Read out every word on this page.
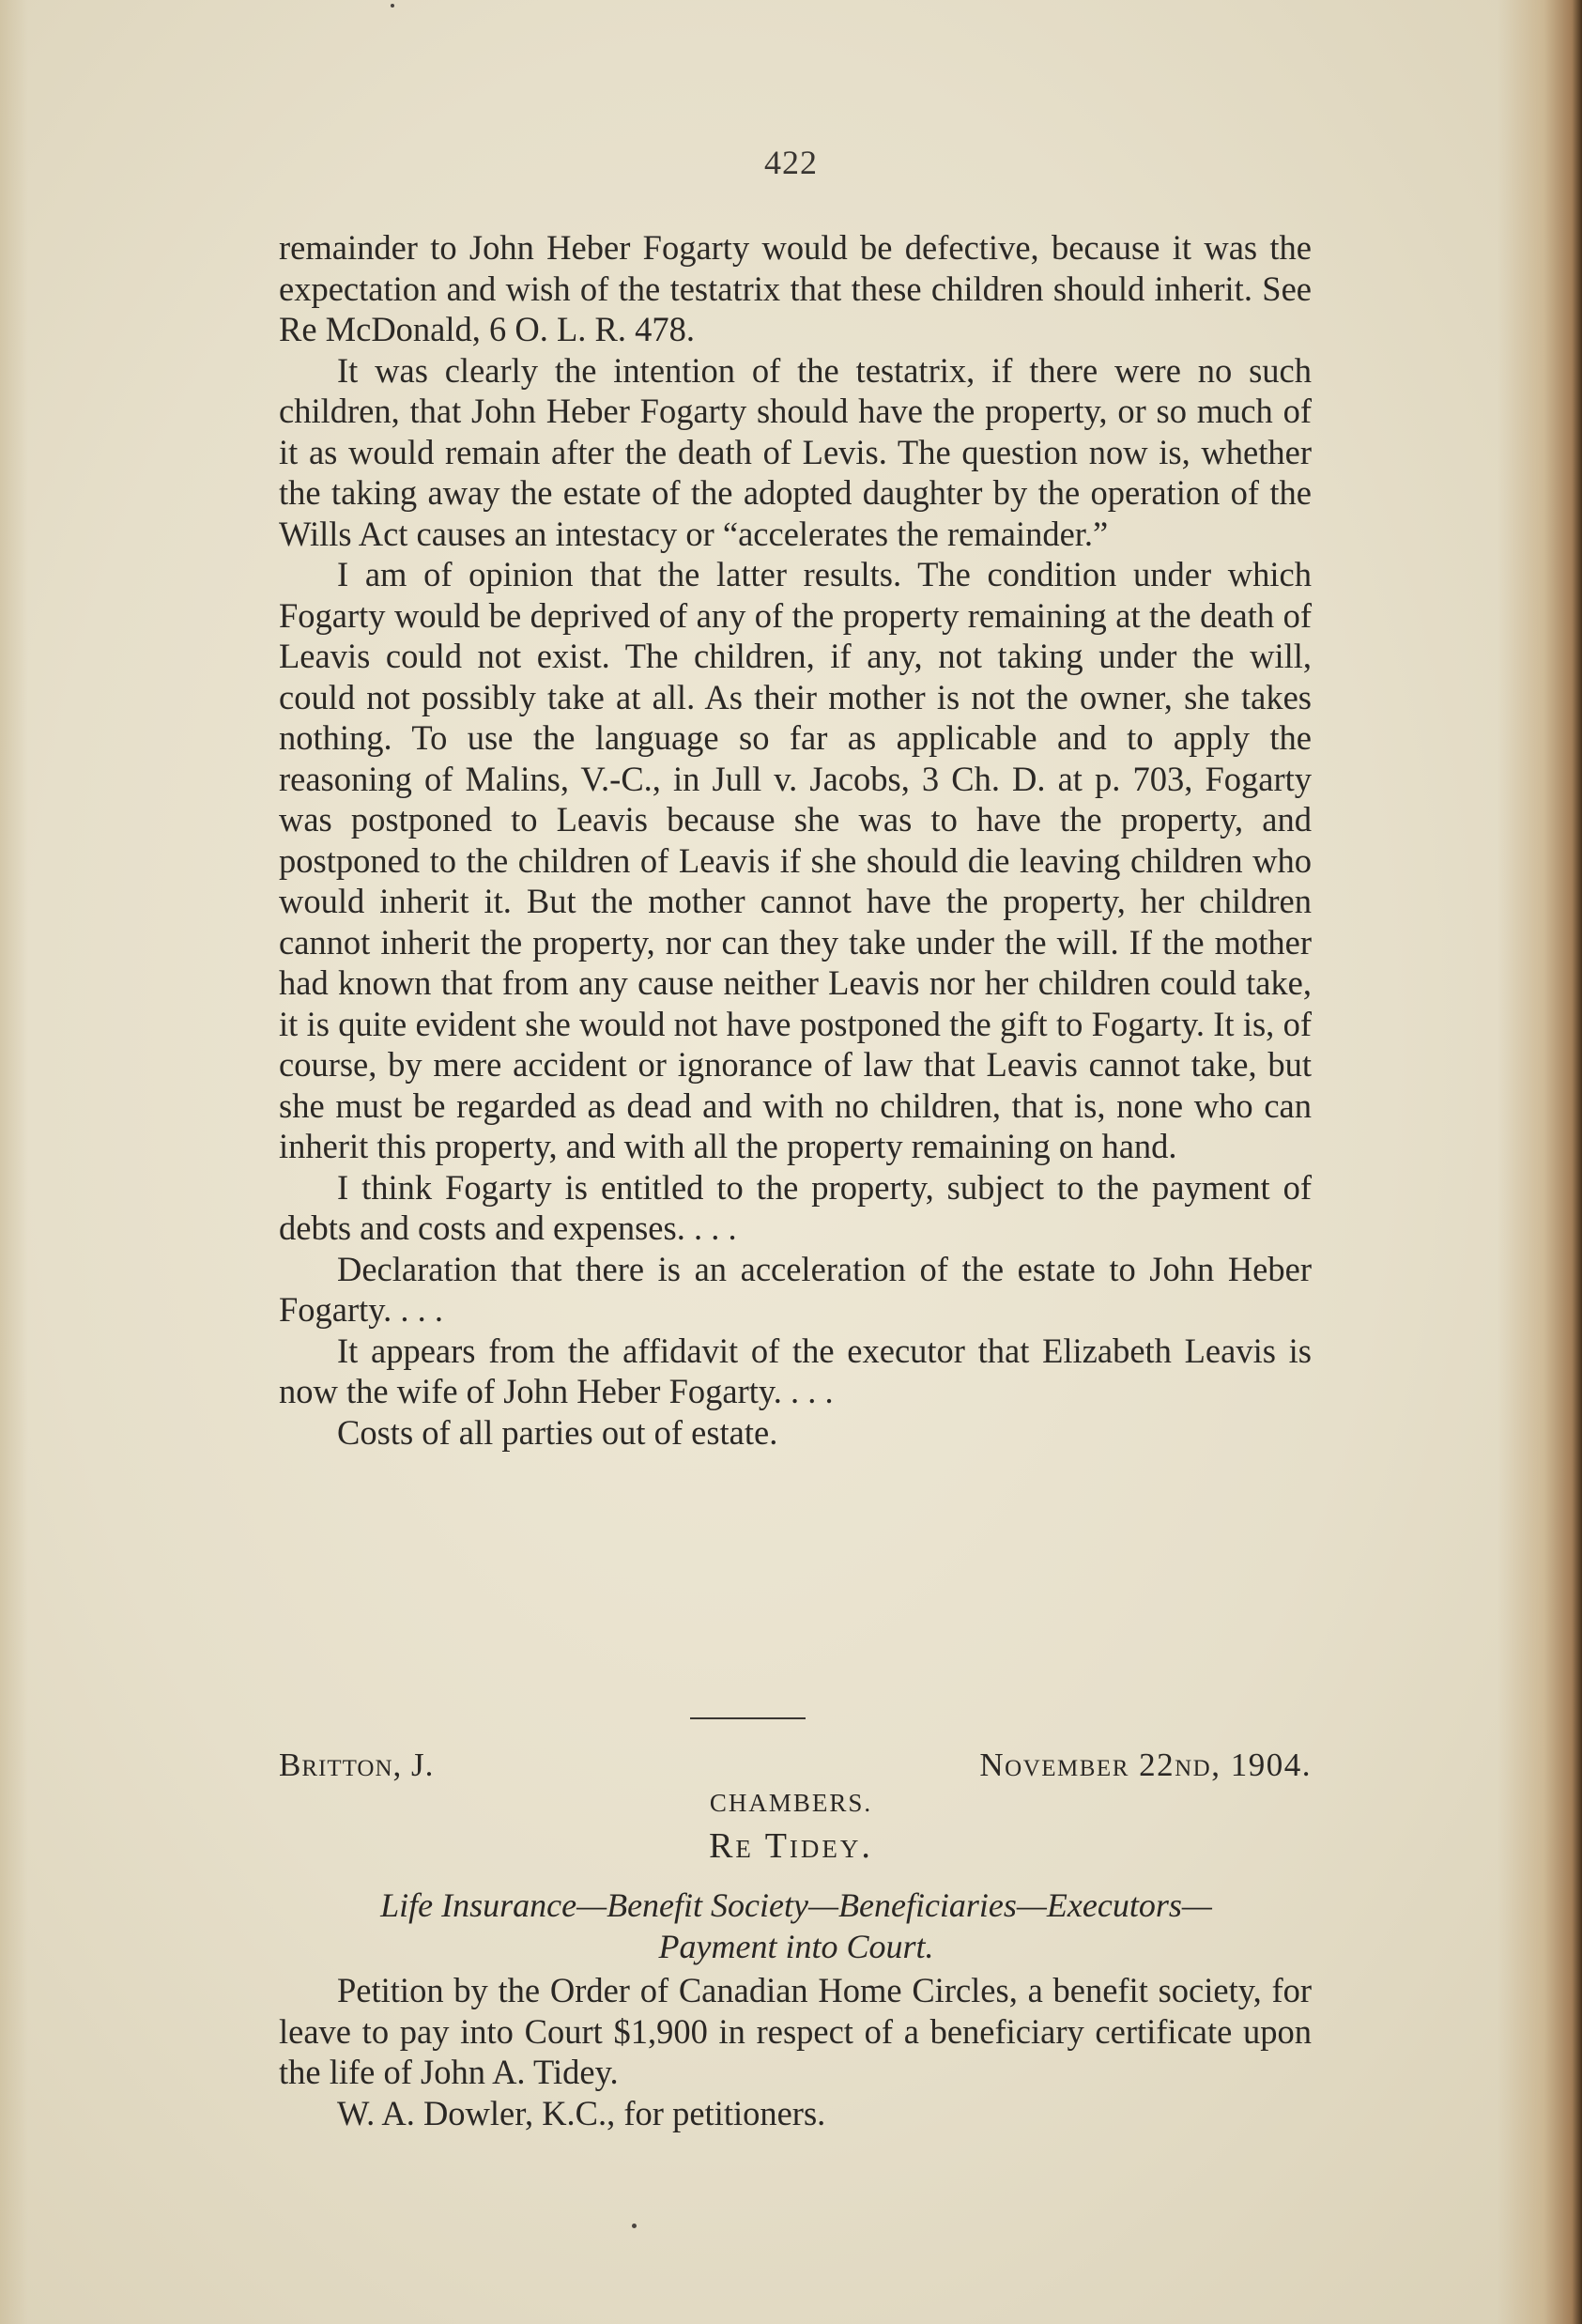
422

remainder to John Heber Fogarty would be defective, because it was the expectation and wish of the testatrix that these children should inherit. See Re McDonald, 6 O. L. R. 478.

It was clearly the intention of the testatrix, if there were no such children, that John Heber Fogarty should have the property, or so much of it as would remain after the death of Levis. The question now is, whether the taking away the estate of the adopted daughter by the operation of the Wills Act causes an intestacy or “accelerates the remainder.”

I am of opinion that the latter results. The condition under which Fogarty would be deprived of any of the property remaining at the death of Leavis could not exist. The children, if any, not taking under the will, could not possibly take at all. As their mother is not the owner, she takes nothing. To use the language so far as applicable and to apply the reasoning of Malins, V.-C., in Jull v. Jacobs, 3 Ch. D. at p. 703, Fogarty was postponed to Leavis because she was to have the property, and postponed to the children of Leavis if she should die leaving children who would inherit it. But the mother cannot have the property, her children cannot inherit the property, nor can they take under the will. If the mother had known that from any cause neither Leavis nor her children could take, it is quite evident she would not have postponed the gift to Fogarty. It is, of course, by mere accident or ignorance of law that Leavis cannot take, but she must be regarded as dead and with no children, that is, none who can inherit this property, and with all the property remaining on hand.

I think Fogarty is entitled to the property, subject to the payment of debts and costs and expenses. . . .

Declaration that there is an acceleration of the estate to John Heber Fogarty. . . .

It appears from the affidavit of the executor that Elizabeth Leavis is now the wife of John Heber Fogarty. . . .

Costs of all parties out of estate.

Britton, J.	November 22nd, 1904.
CHAMBERS.
Re Tidey.
Life Insurance—Benefit Society—Beneficiaries—Executors—
Payment into Court.

Petition by the Order of Canadian Home Circles, a benefit society, for leave to pay into Court $1,900 in respect of a beneficiary certificate upon the life of John A. Tidey.

W. A. Dowler, K.C., for petitioners.
